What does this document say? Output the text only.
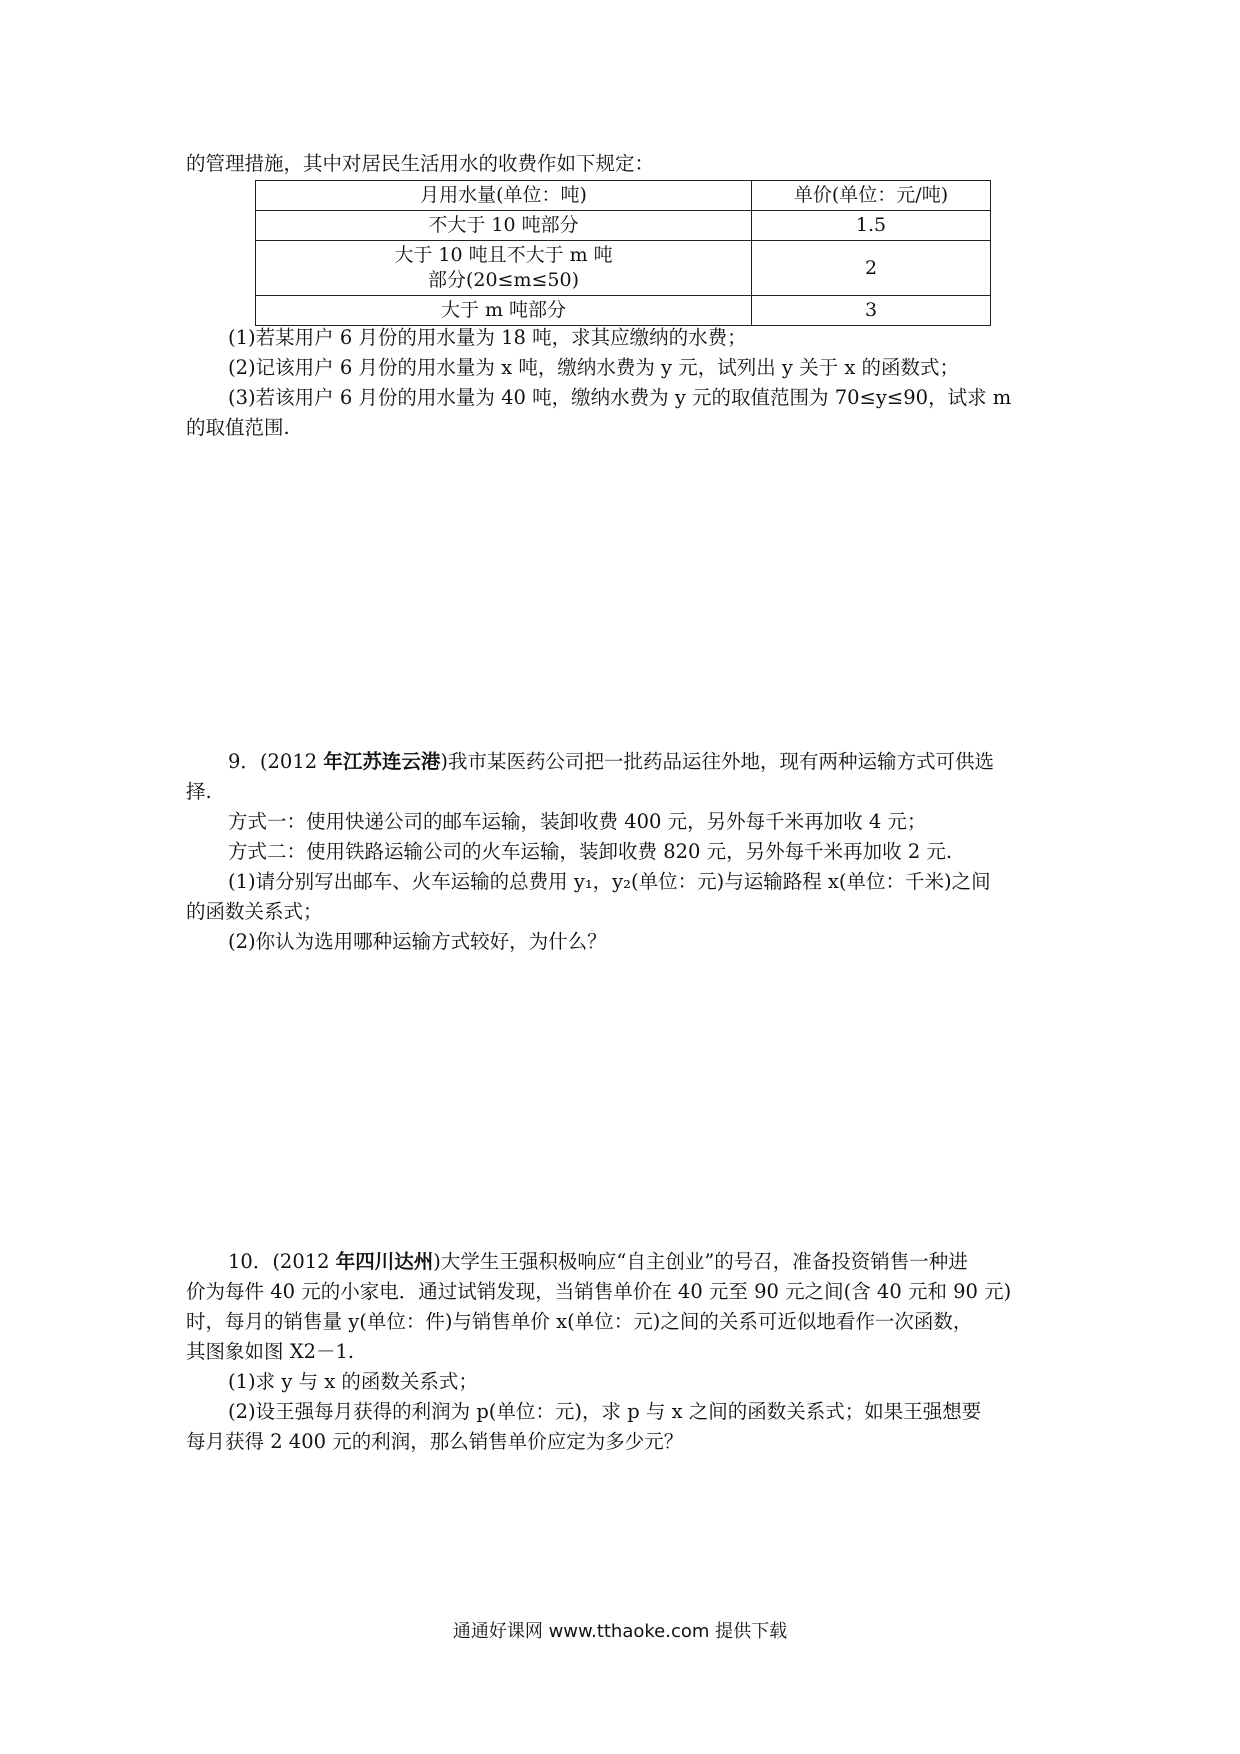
的管理措施，其中对居民生活用水的收费作如下规定：
月用水量(单位：吨)	单价(单位：元/吨)
不大于 10 吨部分	1.5

大于 10 吨且不大于 m 吨
部分(20≤m≤50)	2
大于 m 吨部分	3
(1)若某用户 6 月份的用水量为 18 吨，求其应缴纳的水费；
(2)记该用户 6 月份的用水量为 x 吨，缴纳水费为 y 元，试列出 y 关于 x 的函数式；
(3)若该用户 6 月份的用水量为 40 吨，缴纳水费为 y 元的取值范围为 70≤y≤90，试求 m
的取值范围.
9．(2012 年江苏连云港)我市某医药公司把一批药品运往外地，现有两种运输方式可供选
择.
方式一：使用快递公司的邮车运输，装卸收费 400 元，另外每千米再加收 4 元；
方式二：使用铁路运输公司的火车运输，装卸收费 820 元，另外每千米再加收 2 元.
(1)请分别写出邮车、火车运输的总费用 y₁，y₂(单位：元)与运输路程 x(单位：千米)之间
的函数关系式；
(2)你认为选用哪种运输方式较好，为什么？
10．(2012 年四川达州)大学生王强积极响应“自主创业”的号召，准备投资销售一种进
价为每件 40 元的小家电．通过试销发现，当销售单价在 40 元至 90 元之间(含 40 元和 90 元)
时，每月的销售量 y(单位：件)与销售单价 x(单位：元)之间的关系可近似地看作一次函数，
其图象如图 X2－1.
(1)求 y 与 x 的函数关系式；
(2)设王强每月获得的利润为 p(单位：元)，求 p 与 x 之间的函数关系式；如果王强想要
每月获得 2 400 元的利润，那么销售单价应定为多少元？
通通好课网 www.tthaoke.com 提供下载
